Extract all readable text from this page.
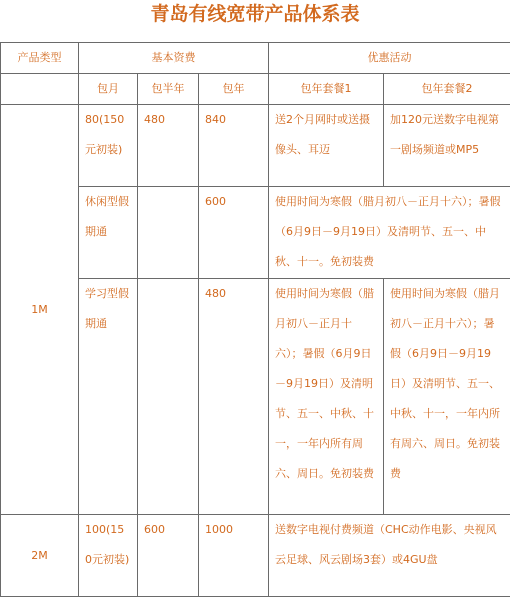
青岛有线宽带产品体系表
产品类型	基本资费			优惠活动	
	包月	包半年	包年	包年套餐1	包年套餐2
1M	80(150元初装)	480	840	送2个月网时或送摄像头、耳迈	加120元送数字电视第一剧场频道或MP5

	休闲型假期通		600	使用时间为寒假（腊月初八－正月十六）；暑假（6月9日－9月19日）及清明节、五一、中秋、十一。免初装费	

	学习型假期通		480	使用时间为寒假（腊月初八－正月十六）；暑假（6月9日－9月19日）及清明节、五一、中秋、十一，一年内所有周六、周日。免初装费	使用时间为寒假（腊月初八－正月十六）；暑假（6月9日－9月19日）及清明节、五一、中秋、十一，一年内所有周六、周日。免初装费

2M	100(150元初装)	600	1000	送数字电视付费频道（CHC动作电影、央视风云足球、风云剧场3套）或4GU盘	
